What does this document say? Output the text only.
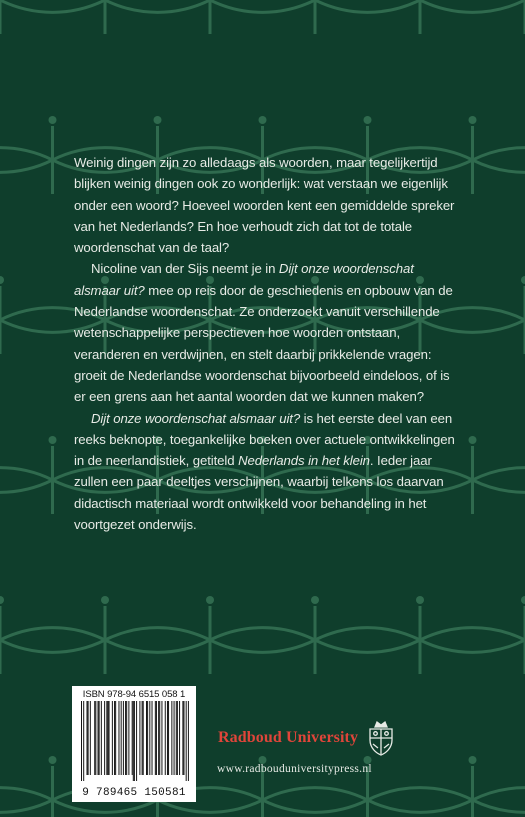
Weinig dingen zijn zo alledaags als woorden, maar tegelijkertijd blijken weinig dingen ook zo wonderlijk: wat verstaan we eigenlijk onder een woord? Hoeveel woorden kent een gemiddelde spreker van het Nederlands? En hoe verhoudt zich dat tot de totale woordenschat van de taal?

Nicoline van der Sijs neemt je in Dijt onze woordenschat alsmaar uit? mee op reis door de geschiedenis en opbouw van de Nederlandse woordenschat. Ze onderzoekt vanuit verschillende wetenschappelijke perspectieven hoe woorden ontstaan, veranderen en verdwijnen, en stelt daarbij prikkelende vragen: groeit de Nederlandse woordenschat bijvoorbeeld eindeloos, of is er een grens aan het aantal woorden dat we kunnen maken?

Dijt onze woordenschat alsmaar uit? is het eerste deel van een reeks beknopte, toegankelijke boeken over actuele ontwikkelingen in de neerlandistiek, getiteld Nederlands in het klein. Ieder jaar zullen een paar deeltjes verschijnen, waarbij telkens los daarvan didactisch materiaal wordt ontwikkeld voor behandeling in het voortgezet onderwijs.

ISBN 978-94 6515 058 1
9 789465 150581
Radboud University
www.radbouduniversitypress.nl
